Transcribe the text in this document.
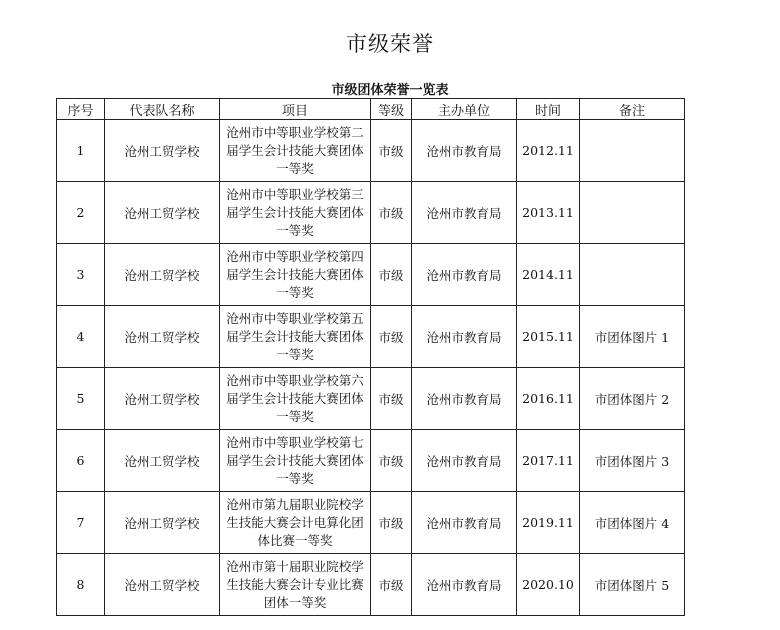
市级荣誉
市级团体荣誉一览表
序号	代表队名称	项目	等级	主办单位	时间	备注
1	沧州工贸学校	沧州市中等职业学校第二届学生会计技能大赛团体一等奖	市级	沧州市教育局	2012.11	
2	沧州工贸学校	沧州市中等职业学校第三届学生会计技能大赛团体一等奖	市级	沧州市教育局	2013.11	
3	沧州工贸学校	沧州市中等职业学校第四届学生会计技能大赛团体一等奖	市级	沧州市教育局	2014.11	
4	沧州工贸学校	沧州市中等职业学校第五届学生会计技能大赛团体一等奖	市级	沧州市教育局	2015.11	市团体图片 1
5	沧州工贸学校	沧州市中等职业学校第六届学生会计技能大赛团体一等奖	市级	沧州市教育局	2016.11	市团体图片 2
6	沧州工贸学校	沧州市中等职业学校第七届学生会计技能大赛团体一等奖	市级	沧州市教育局	2017.11	市团体图片 3
7	沧州工贸学校	沧州市第九届职业院校学生技能大赛会计电算化团体比赛一等奖	市级	沧州市教育局	2019.11	市团体图片 4
8	沧州工贸学校	沧州市第十届职业院校学生技能大赛会计专业比赛团体一等奖	市级	沧州市教育局	2020.10	市团体图片 5
